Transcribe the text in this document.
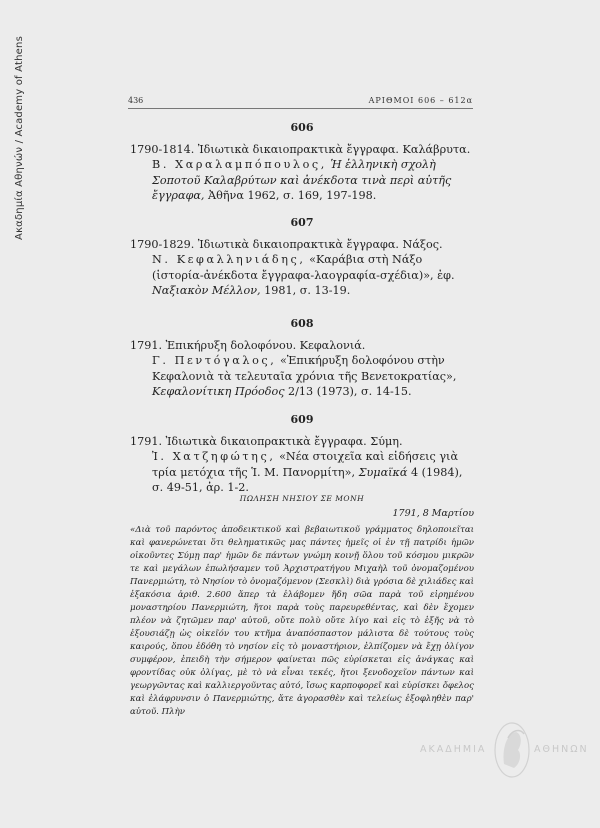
Ακαδημία Αθηνών / Academy of Athens	436	ΑΡΙΘΜΟΙ 606 – 612α
606

1790-1814. Ἰδιωτικὰ δικαιοπρακτικὰ ἔγγραφα. Καλάβρυτα.

Β. Χαραλαμπόπουλος, Ἡ ἑλληνικὴ σχολὴ Σοποτοῦ Καλαβρύτων καὶ ἀνέκδοτα τινὰ περὶ αὐτῆς ἔγγραφα, Ἀθῆνα 1962, σ. 169, 197-198.

607

1790-1829. Ἰδιωτικὰ δικαιοπρακτικὰ ἔγγραφα. Νάξος.

Ν. Κεφαλληνιάδης, «Καράβια στὴ Νάξο (ἱστορία-ἀνέκδοτα ἔγγραφα-λαογραφία-σχέδια)», ἐφ. Ναξιακὸν Μέλλον, 1981, σ. 13-19.

608

1791. Ἐπικήρυξη δολοφόνου. Κεφαλονιά.

Γ. Πεντόγαλος, «Ἐπικήρυξη δολοφόνου στὴν Κεφαλονιὰ τὰ τελευταῖα χρόνια τῆς Βενετοκρατίας», Κεφαλονίτικη Πρόοδος 2/13 (1973), σ. 14-15.

609

1791. Ἰδιωτικὰ δικαιοπρακτικὰ ἔγγραφα. Σύμη.

Ἰ. Χατζηφώτης, «Νέα στοιχεῖα καὶ εἰδήσεις γιὰ τρία μετόχια τῆς Ἱ. Μ. Πανορμίτη», Συμαϊκά 4 (1984), σ. 49-51, ἀρ. 1-2.

ΠΩΛΗΣΗ ΝΗΣΙΟΥ ΣΕ ΜΟΝΗ
1791, 8 Μαρτίου

«Διὰ τοῦ παρόντος ἀποδεικτικοῦ καὶ βεβαιωτικοῦ γράμματος δηλοποιεῖται καὶ φανερώνεται ὅτι θεληματικῶς μας πάντες ἡμεῖς οἱ ἐν τῇ πατρίδι ἡμῶν οἰκοῦντες Σύμῃ παρ' ἡμῶν δε πάντων γνώμη κοινῇ ὅλου τοῦ κόσμου μικρῶν τε καὶ μεγάλων ἐπωλήσαμεν τοῦ Ἀρχιστρατήγου Μιχαὴλ τοῦ ὀνομαζομένου Πανερμιώτη, τὸ Νησίον τὸ ὀνομαζόμενον (Σεσκλὶ) διὰ γρόσια δὲ χιλιάδες καὶ ἑξακόσια ἀριθ. 2.600 ἅπερ τὰ ἐλάβομεν ἤδη σῶα παρὰ τοῦ εἰρημένου μοναστηρίου Πανερμιώτη, ἤτοι παρὰ τοὺς παρευρεθέντας, καὶ δὲν ἔχομεν πλέον νὰ ζητῶμεν παρ' αὐτοῦ, οὔτε πολὺ οὔτε λίγο καὶ εἰς τὸ ἑξῆς νὰ τὸ ἐξουσιάζῃ ὡς οἰκεῖόν του κτῆμα ἀναπόσπαστον μάλιστα δὲ τούτους τοὺς καιρούς, ὅπου ἐδόθη τὸ νησίον εἰς τὸ μοναστήριον, ἐλπίζομεν νὰ ἔχῃ ὀλίγον συμφέρον, ἐπειδὴ τὴν σήμερον φαίνεται πῶς εὑρίσκεται εἰς ἀνάγκας καὶ φροντίδας οὐκ ὀλίγας, μὲ τὸ νὰ εἶναι τεκές, ἤτοι ξενοδοχεῖον πάντων καὶ γεωργῶντας καὶ καλλιεργοῦντας αὐτό, ἴσως καρποφορεῖ καὶ εὑρίσκει ὄφελος καὶ ἐλάφρυνσιν ὁ Πανερμιώτης, ἅτε ἀγορασθὲν καὶ τελείως ἐξοφληθὲν παρ' αὐτοῦ. Πλὴν

ΑΚΑΔΗΜΙΑ	ΑΘΗΝΩΝ
